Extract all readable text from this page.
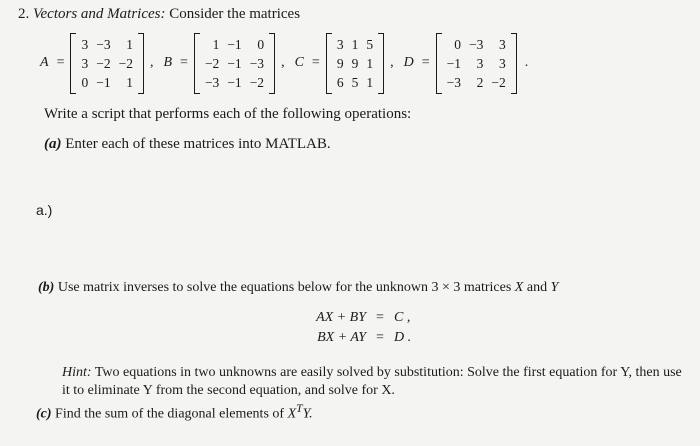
2. Vectors and Matrices: Consider the matrices
A =
3	−3	1
3	−2	−2
0	−1	1
, B =
1	−1	0
−2	−1	−3
−3	−1	−2
, C =
3	1	5
9	9	1
6	5	1
, D =
0	−3	3
−1	3	3
−3	2	−2
.
Write a script that performs each of the following operations:
(a) Enter each of these matrices into MATLAB.
a.)
(b) Use matrix inverses to solve the equations below for the unknown 3 × 3 matrices X and Y
AX + BY = C ,
BX + AY = D .
Hint: Two equations in two unknowns are easily solved by substitution: Solve the first equation for Y, then use it to eliminate Y from the second equation, and solve for X.
(c) Find the sum of the diagonal elements of $X^TY$.
